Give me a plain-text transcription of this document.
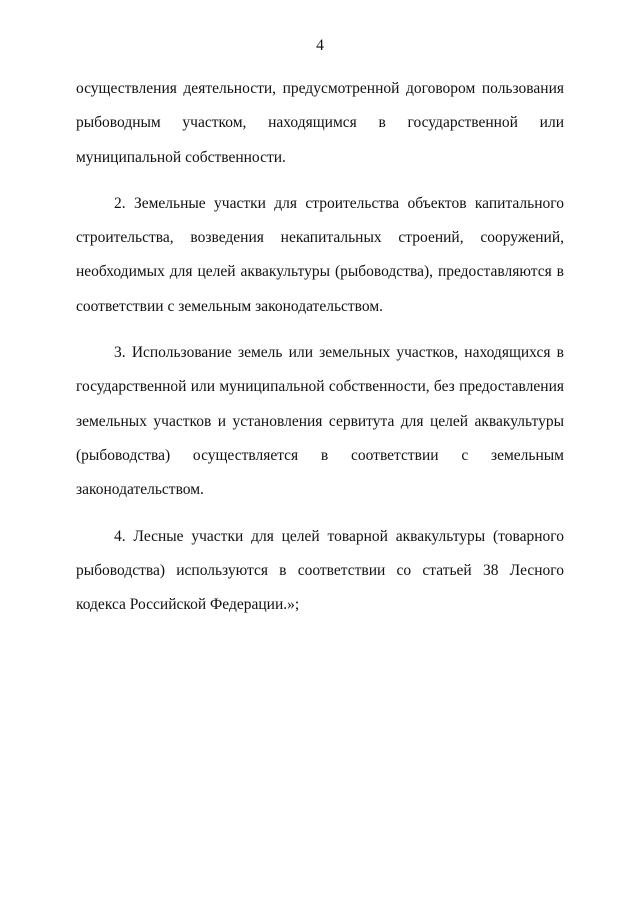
4

осуществления деятельности, предусмотренной договором пользования рыбоводным участком, находящимся в государственной или муниципальной собственности.

2. Земельные участки для строительства объектов капитального строительства, возведения некапитальных строений, сооружений, необходимых для целей аквакультуры (рыбоводства), предоставляются в соответствии с земельным законодательством.

3. Использование земель или земельных участков, находящихся в государственной или муниципальной собственности, без предоставления земельных участков и установления сервитута для целей аквакультуры (рыбоводства) осуществляется в соответствии с земельным законодательством.

4. Лесные участки для целей товарной аквакультуры (товарного рыбоводства) используются в соответствии со статьей 38 Лесного кодекса Российской Федерации.»;
